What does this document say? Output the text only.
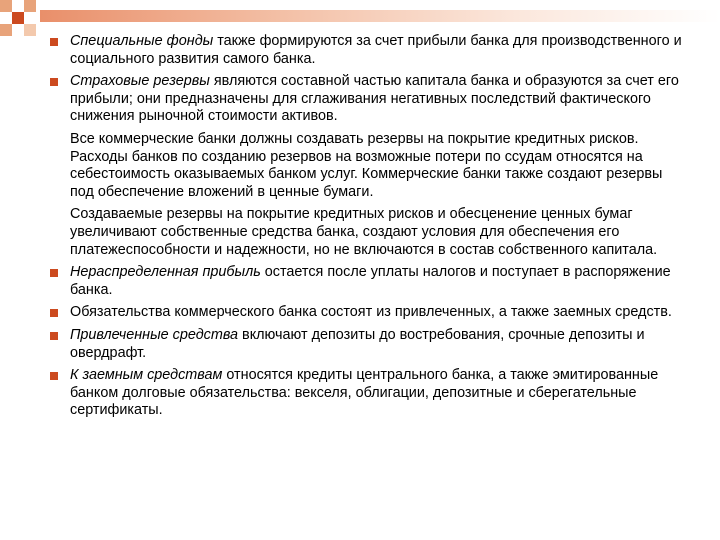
Специальные фонды также формируются за счет прибыли банка для производственного и социального развития самого банка.

Страховые резервы являются составной частью капитала банка и образуются за счет его прибыли; они предназначены для сглаживания негативных последствий фактического снижения рыночной стоимости активов.

Все коммерческие банки должны создавать резервы на покрытие кредитных рисков. Расходы банков по созданию резервов на возможные потери по ссудам относятся на себестоимость оказываемых банком услуг. Коммерческие банки также создают резервы под обеспечение вложений в ценные бумаги.

Создаваемые резервы на покрытие кредитных рисков и обесценение ценных бумаг увеличивают собственные средства банка, создают условия для обеспечения его платежеспособности и надежности, но не включаются в состав собственного капитала.

Нераспределенная прибыль остается после уплаты налогов и поступает в распоряжение банка.

Обязательства коммерческого банка состоят из привлеченных, а также заемных средств.

Привлеченные средства включают депозиты до востребования, срочные депозиты и овердрафт.

К заемным средствам относятся кредиты центрального банка, а также эмитированные банком долговые обязательства: векселя, облигации, депозитные и сберегательные сертификаты.
